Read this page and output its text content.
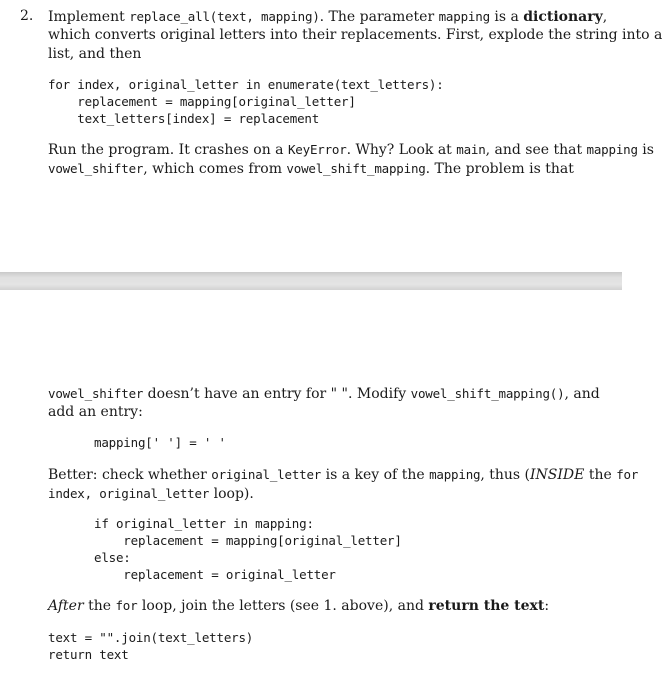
2. Implement replace_all(text, mapping). The parameter mapping is a dictionary,

which converts original letters into their replacements. First, explode the string into a

list, and then

for index, original_letter in enumerate(text_letters):
replacement = mapping[original_letter]
text_letters[index] = replacement

Run the program. It crashes on a KeyError. Why? Look at main, and see that mapping is

vowel_shifter, which comes from vowel_shift_mapping. The problem is that

vowel_shifter doesn’t have an entry for " ". Modify vowel_shift_mapping(), and

add an entry:

mapping[' '] = ' '

Better: check whether original_letter is a key of the mapping, thus (INSIDE the for

index, original_letter loop).

if original_letter in mapping:
replacement = mapping[original_letter]
else:
replacement = original_letter

After the for loop, join the letters (see 1. above), and return the text:

text = "".join(text_letters)
return text
